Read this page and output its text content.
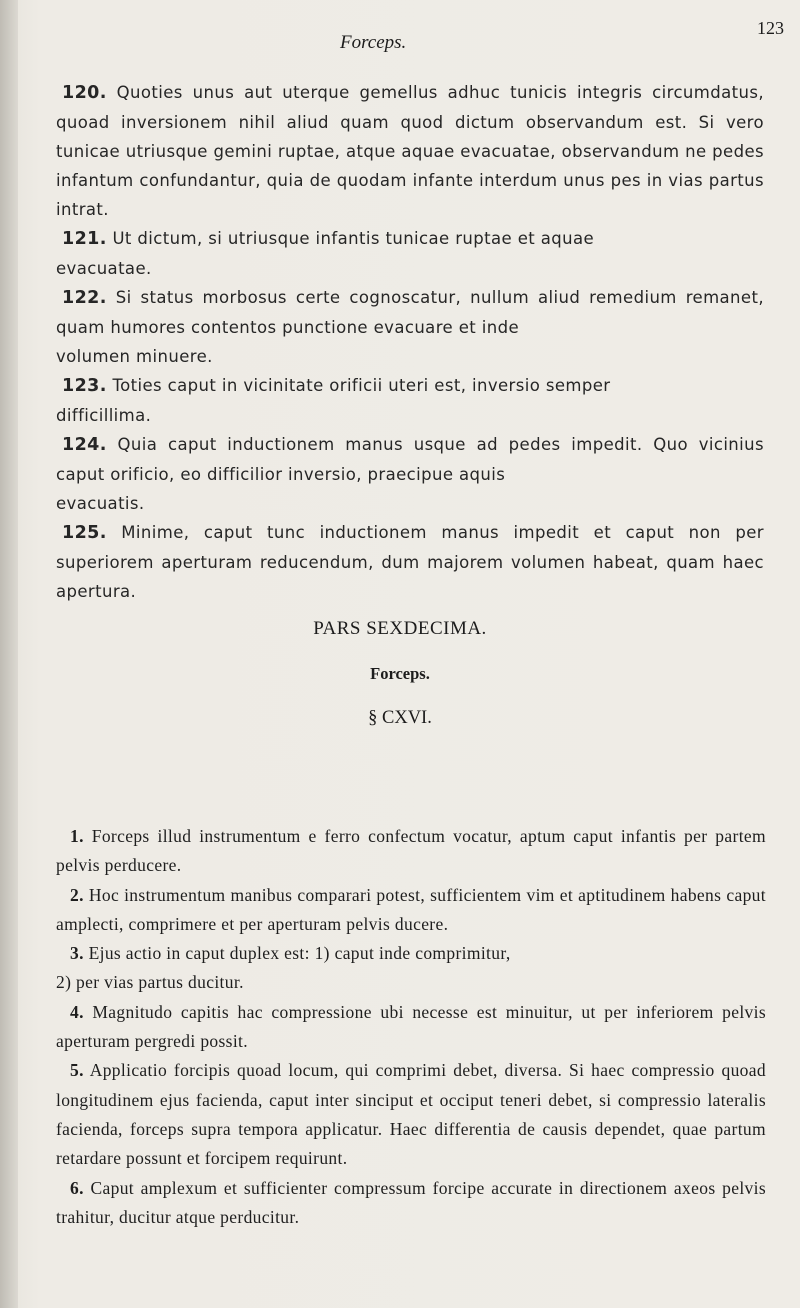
Forceps.
123

120. Quoties unus aut uterque gemellus adhuc tunicis integris circumdatus, quoad inversionem nihil aliud quam quod dictum observandum est. Si vero tunicae utriusque gemini ruptae, atque aquae evacuatae, observandum ne pedes infantum confundantur, quia de quodam infante interdum unus pes in vias partus intrat.

121. Ut dictum, si utriusque infantis tunicae ruptae et aquae

evacuatae.

122. Si status morbosus certe cognoscatur, nullum aliud remedium remanet, quam humores contentos punctione evacuare et inde

volumen minuere.

123. Toties caput in vicinitate orificii uteri est, inversio semper

difficillima.

124. Quia caput inductionem manus usque ad pedes impedit. Quo vicinius caput orificio, eo difficilior inversio, praecipue aquis

evacuatis.

125. Minime, caput tunc inductionem manus impedit et caput non per superiorem aperturam reducendum, dum majorem volumen habeat, quam haec apertura.

PARS SEXDECIMA.
Forceps.
§ CXVI.

1. Forceps illud instrumentum e ferro confectum vocatur, aptum caput infantis per partem pelvis perducere.

2. Hoc instrumentum manibus comparari potest, sufficientem vim et aptitudinem habens caput amplecti, comprimere et per aperturam pelvis ducere.

3. Ejus actio in caput duplex est: 1) caput inde comprimitur,

2) per vias partus ducitur.

4. Magnitudo capitis hac compressione ubi necesse est minuitur, ut per inferiorem pelvis aperturam pergredi possit.

5. Applicatio forcipis quoad locum, qui comprimi debet, diversa. Si haec compressio quoad longitudinem ejus facienda, caput inter sinciput et occiput teneri debet, si compressio lateralis facienda, forceps supra tempora applicatur. Haec differentia de causis dependet, quae partum retardare possunt et forcipem requirunt.

6. Caput amplexum et sufficienter compressum forcipe accurate in directionem axeos pelvis trahitur, ducitur atque perducitur.
